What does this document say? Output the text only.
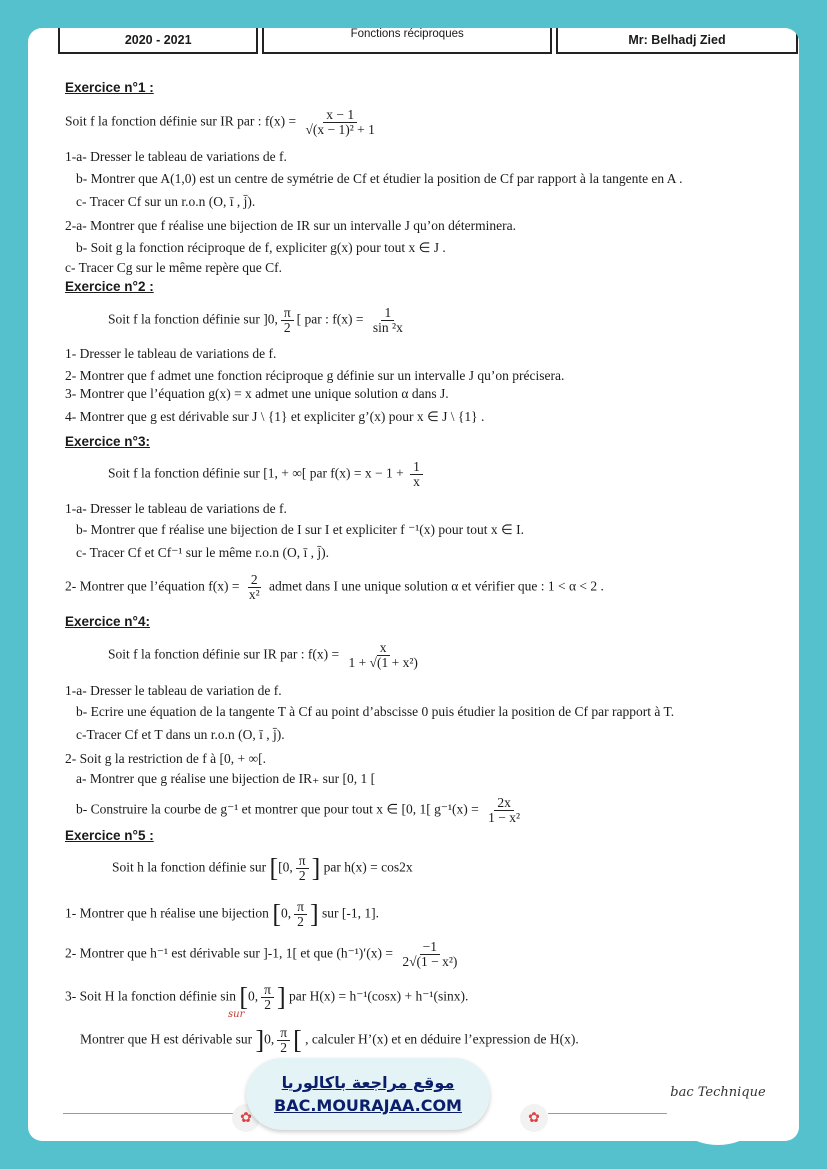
2020 - 2021	Fonctions réciproques	Mr: Belhadj Zied
Exercice n°1 :
Soit f la fonction définie sur IR par : $f(x) = \frac{x - 1}{\text{√(x − 1)² + 1}}$
1-a- Dresser le tableau de variations de f.
b- Montrer que A(1,0) est un centre de symétrie de Cf et étudier la position de Cf par rapport à la tangente en A .
c- Tracer Cf sur un r.o.n (O, ī , j̄).
2-a- Montrer que f réalise une bijection de IR sur un intervalle J qu’on déterminera.
b- Soit g la fonction réciproque de f, expliciter g(x) pour tout x ∈ J .
c- Tracer Cg sur le même repère que Cf.
Exercice n°2 :
Soit f la fonction définie sur ]0, $\frac{\pi}{2}$ [ par : $f(x) = \frac{1}{\text{sin ²x}}$
1- Dresser le tableau de variations de f.
2- Montrer que f admet une fonction réciproque g définie sur un intervalle J qu’on précisera.
3- Montrer que l’équation g(x) = x admet une unique solution α dans J.
4- Montrer que g est dérivable sur J \ {1} et expliciter g’(x) pour x ∈ J \ {1} .
Exercice n°3:
Soit f la fonction définie sur [1, + ∞[ par $f(x) = x - 1 + \frac{1}{x}$
1-a- Dresser le tableau de variations de f.
b- Montrer que f réalise une bijection de I sur I et expliciter f ⁻¹(x) pour tout x ∈ I.
c- Tracer Cf et Cf⁻¹ sur le même r.o.n (O, ī , j̄).
2- Montrer que l’équation $f(x) = \frac{2}{\text{x²}}$ admet dans I une unique solution α et vérifier que : 1 < α < 2 .
Exercice n°4:
Soit f la fonction définie sur IR par : $f(x) = \frac{x}{\text{1 + √(1 + x²)}}$
1-a- Dresser le tableau de variation de f.
b- Ecrire une équation de la tangente T à Cf au point d’abscisse 0 puis étudier la position de Cf par rapport à T.
c-Tracer Cf et T dans un r.o.n (O, ī , j̄).
2- Soit g la restriction de f à [0, + ∞[.
a- Montrer que g réalise une bijection de IR₊ sur [0, 1 [
b- Construire la courbe de g⁻¹ et montrer que pour tout x ∈ [0, 1[ $g^{-1}(x) = \frac{2x}{\text{1 − x²}}$
Exercice n°5 :
Soit h la fonction définie sur [[0, $\frac{\pi}{2}$ ] par h(x) = cos2x
1- Montrer que h réalise une bijection [0, $\frac{\pi}{2}$ ] sur [-1, 1].
2- Montrer que h⁻¹ est dérivable sur ]-1, 1[ et que $(h^{-1})'(x) = \frac{-1}{\text{2√(1 − x²)}}$
3- Soit H la fonction définie sin [0, $\frac{\pi}{2}$ ] par H(x) = h⁻¹(cosx) + h⁻¹(sinx).
sur
Montrer que H est dérivable sur ]0, $\frac{\pi}{2}$ [ , calculer H’(x) et en déduire l’expression de H(x).
✿	✿
موقع مراجعة باكالوريا
BAC.MOURAJAA.COM
bac Technique
